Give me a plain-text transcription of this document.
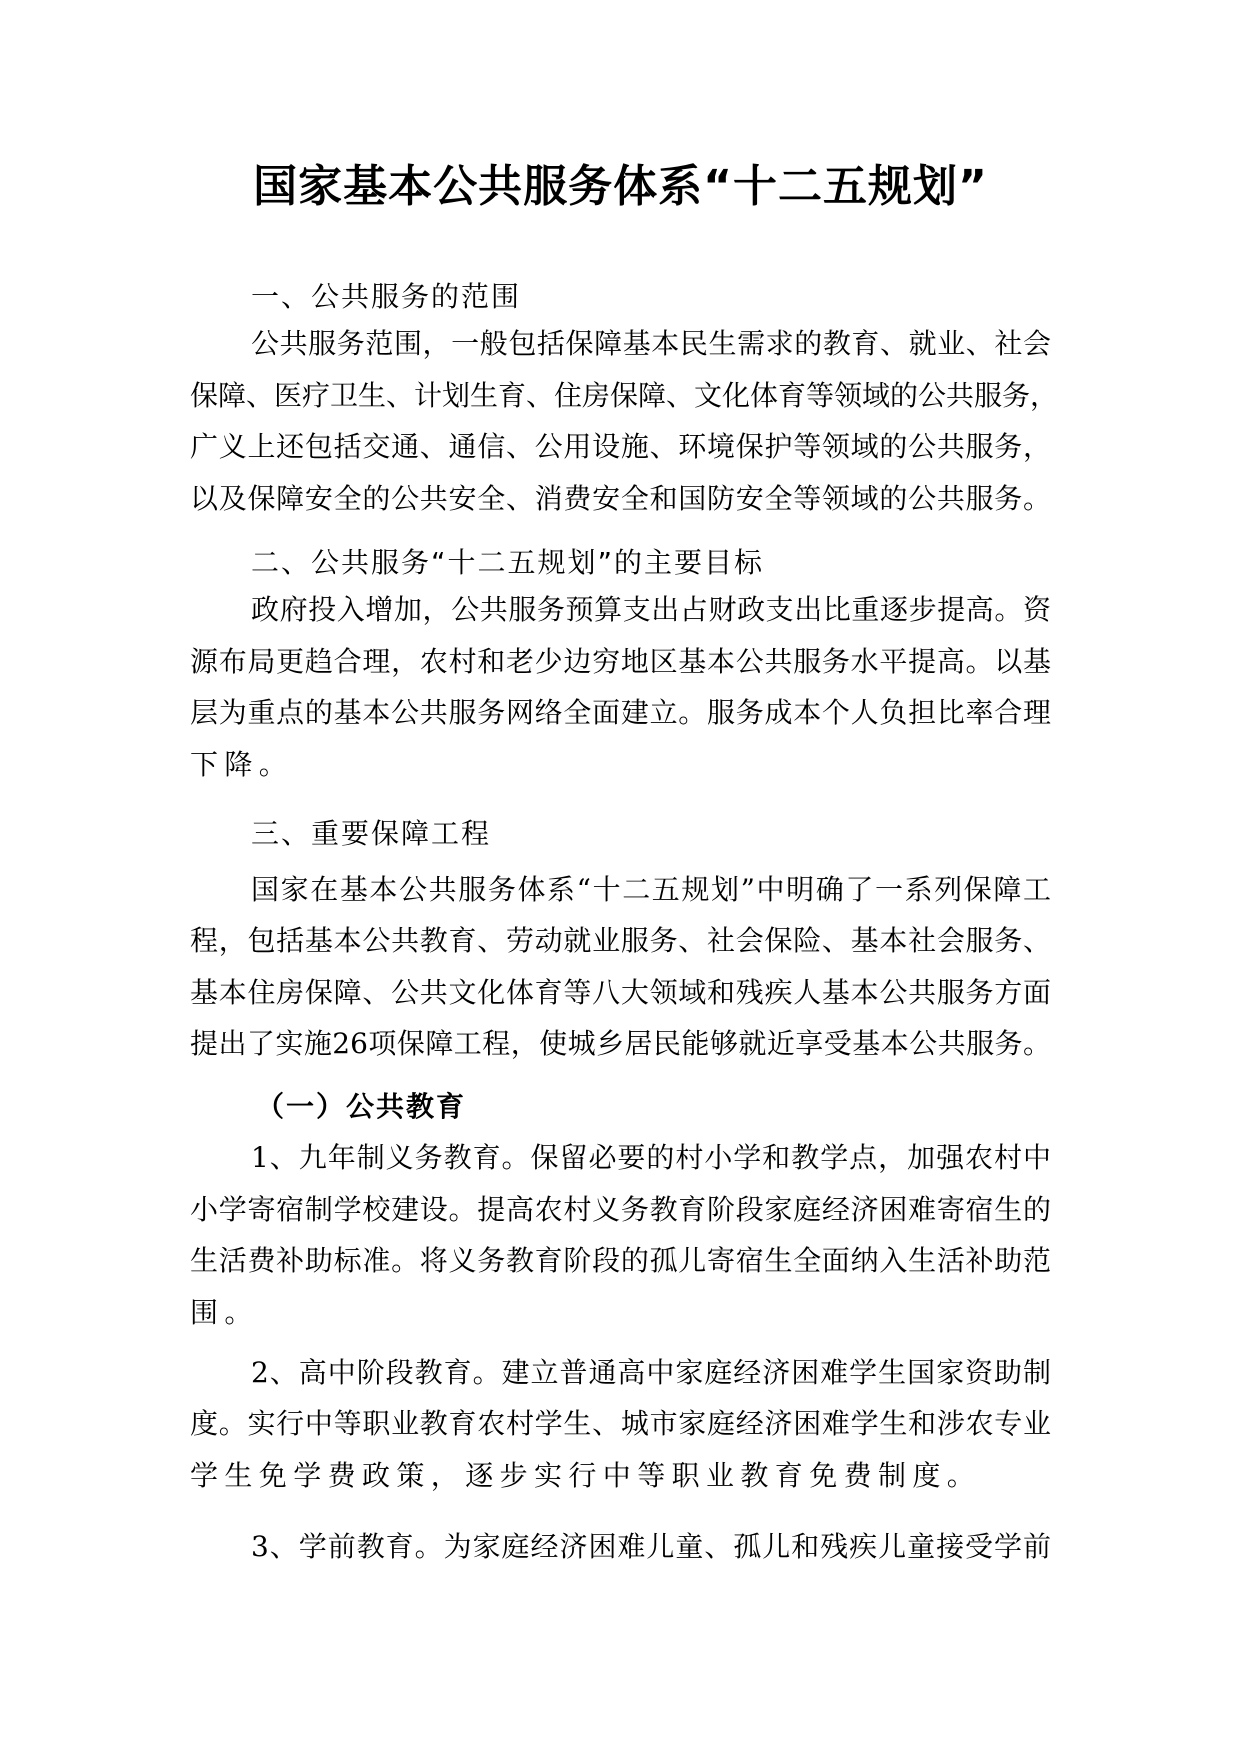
国家基本公共服务体系“十二五规划”
一、公共服务的范围
公共服务范围，一般包括保障基本民生需求的教育、就业、社会
保障、医疗卫生、计划生育、住房保障、文化体育等领域的公共服务，
广义上还包括交通、通信、公用设施、环境保护等领域的公共服务，
以及保障安全的公共安全、消费安全和国防安全等领域的公共服务。
二、公共服务“十二五规划”的主要目标
政府投入增加，公共服务预算支出占财政支出比重逐步提高。资
源布局更趋合理，农村和老少边穷地区基本公共服务水平提高。以基
层为重点的基本公共服务网络全面建立。服务成本个人负担比率合理
下降。
三、重要保障工程
国家在基本公共服务体系“十二五规划”中明确了一系列保障工
程，包括基本公共教育、劳动就业服务、社会保险、基本社会服务、
基本住房保障、公共文化体育等八大领域和残疾人基本公共服务方面
提出了实施26项保障工程，使城乡居民能够就近享受基本公共服务。
（一）公共教育
1、九年制义务教育。保留必要的村小学和教学点，加强农村中
小学寄宿制学校建设。提高农村义务教育阶段家庭经济困难寄宿生的
生活费补助标准。将义务教育阶段的孤儿寄宿生全面纳入生活补助范
围。
2、高中阶段教育。建立普通高中家庭经济困难学生国家资助制
度。实行中等职业教育农村学生、城市家庭经济困难学生和涉农专业
学生免学费政策，逐步实行中等职业教育免费制度。
3、学前教育。为家庭经济困难儿童、孤儿和残疾儿童接受学前
